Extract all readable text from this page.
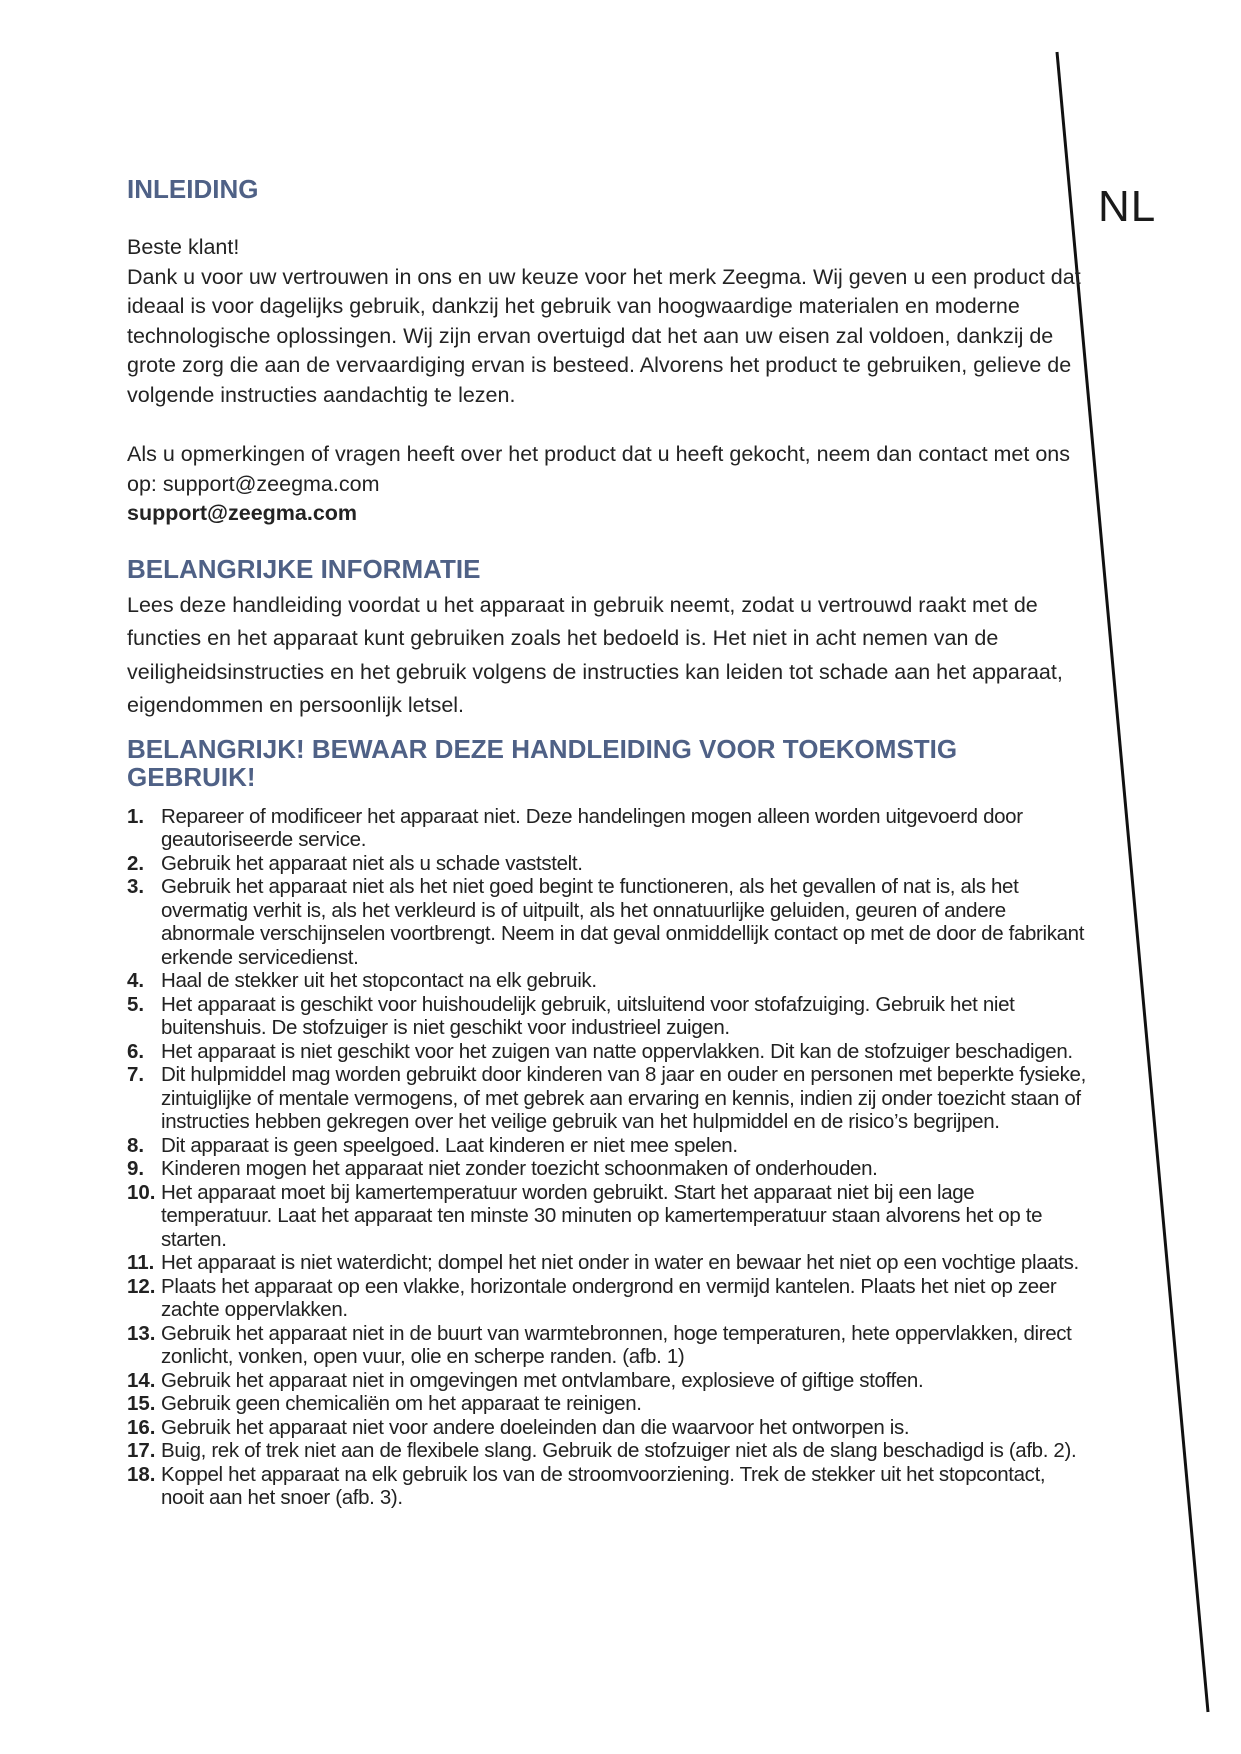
NL
INLEIDING
Beste klant!
Dank u voor uw vertrouwen in ons en uw keuze voor het merk Zeegma. Wij geven u een product dat ideaal is voor dagelijks gebruik, dankzij het gebruik van hoogwaardige materialen en moderne technologische oplossingen. Wij zijn ervan overtuigd dat het aan uw eisen zal voldoen, dankzij de grote zorg die aan de vervaardiging ervan is besteed. Alvorens het product te gebruiken, gelieve de volgende instructies aandachtig te lezen.
Als u opmerkingen of vragen heeft over het product dat u heeft gekocht, neem dan contact met ons op: support@zeegma.com
support@zeegma.com
BELANGRIJKE INFORMATIE
Lees deze handleiding voordat u het apparaat in gebruik neemt, zodat u vertrouwd raakt met de functies en het apparaat kunt gebruiken zoals het bedoeld is. Het niet in acht nemen van de veiligheidsinstructies en het gebruik volgens de instructies kan leiden tot schade aan het apparaat, eigendommen en persoonlijk letsel.
BELANGRIJK! BEWAAR DEZE HANDLEIDING VOOR TOEKOMSTIG GEBRUIK!
1. Repareer of modificeer het apparaat niet. Deze handelingen mogen alleen worden uitgevoerd door geautoriseerde service.
2. Gebruik het apparaat niet als u schade vaststelt.
3. Gebruik het apparaat niet als het niet goed begint te functioneren, als het gevallen of nat is, als het overmatig verhit is, als het verkleurd is of uitpuilt, als het onnatuurlijke geluiden, geuren of andere abnormale verschijnselen voortbrengt. Neem in dat geval onmiddellijk contact op met de door de fabrikant erkende servicedienst.
4. Haal de stekker uit het stopcontact na elk gebruik.
5. Het apparaat is geschikt voor huishoudelijk gebruik, uitsluitend voor stofafzuiging. Gebruik het niet buitenshuis. De stofzuiger is niet geschikt voor industrieel zuigen.
6. Het apparaat is niet geschikt voor het zuigen van natte oppervlakken. Dit kan de stofzuiger beschadigen.
7. Dit hulpmiddel mag worden gebruikt door kinderen van 8 jaar en ouder en personen met beperkte fysieke, zintuiglijke of mentale vermogens, of met gebrek aan ervaring en kennis, indien zij onder toezicht staan of instructies hebben gekregen over het veilige gebruik van het hulpmiddel en de risico’s begrijpen.
8. Dit apparaat is geen speelgoed. Laat kinderen er niet mee spelen.
9. Kinderen mogen het apparaat niet zonder toezicht schoonmaken of onderhouden.
10. Het apparaat moet bij kamertemperatuur worden gebruikt. Start het apparaat niet bij een lage temperatuur. Laat het apparaat ten minste 30 minuten op kamertemperatuur staan alvorens het op te starten.
11. Het apparaat is niet waterdicht; dompel het niet onder in water en bewaar het niet op een vochtige plaats.
12. Plaats het apparaat op een vlakke, horizontale ondergrond en vermijd kantelen. Plaats het niet op zeer zachte oppervlakken.
13. Gebruik het apparaat niet in de buurt van warmtebronnen, hoge temperaturen, hete oppervlakken, direct zonlicht, vonken, open vuur, olie en scherpe randen. (afb. 1)
14. Gebruik het apparaat niet in omgevingen met ontvlambare, explosieve of giftige stoffen.
15. Gebruik geen chemicaliën om het apparaat te reinigen.
16. Gebruik het apparaat niet voor andere doeleinden dan die waarvoor het ontworpen is.
17. Buig, rek of trek niet aan de flexibele slang. Gebruik de stofzuiger niet als de slang beschadigd is (afb. 2).
18. Koppel het apparaat na elk gebruik los van de stroomvoorziening. Trek de stekker uit het stopcontact, nooit aan het snoer (afb. 3).
